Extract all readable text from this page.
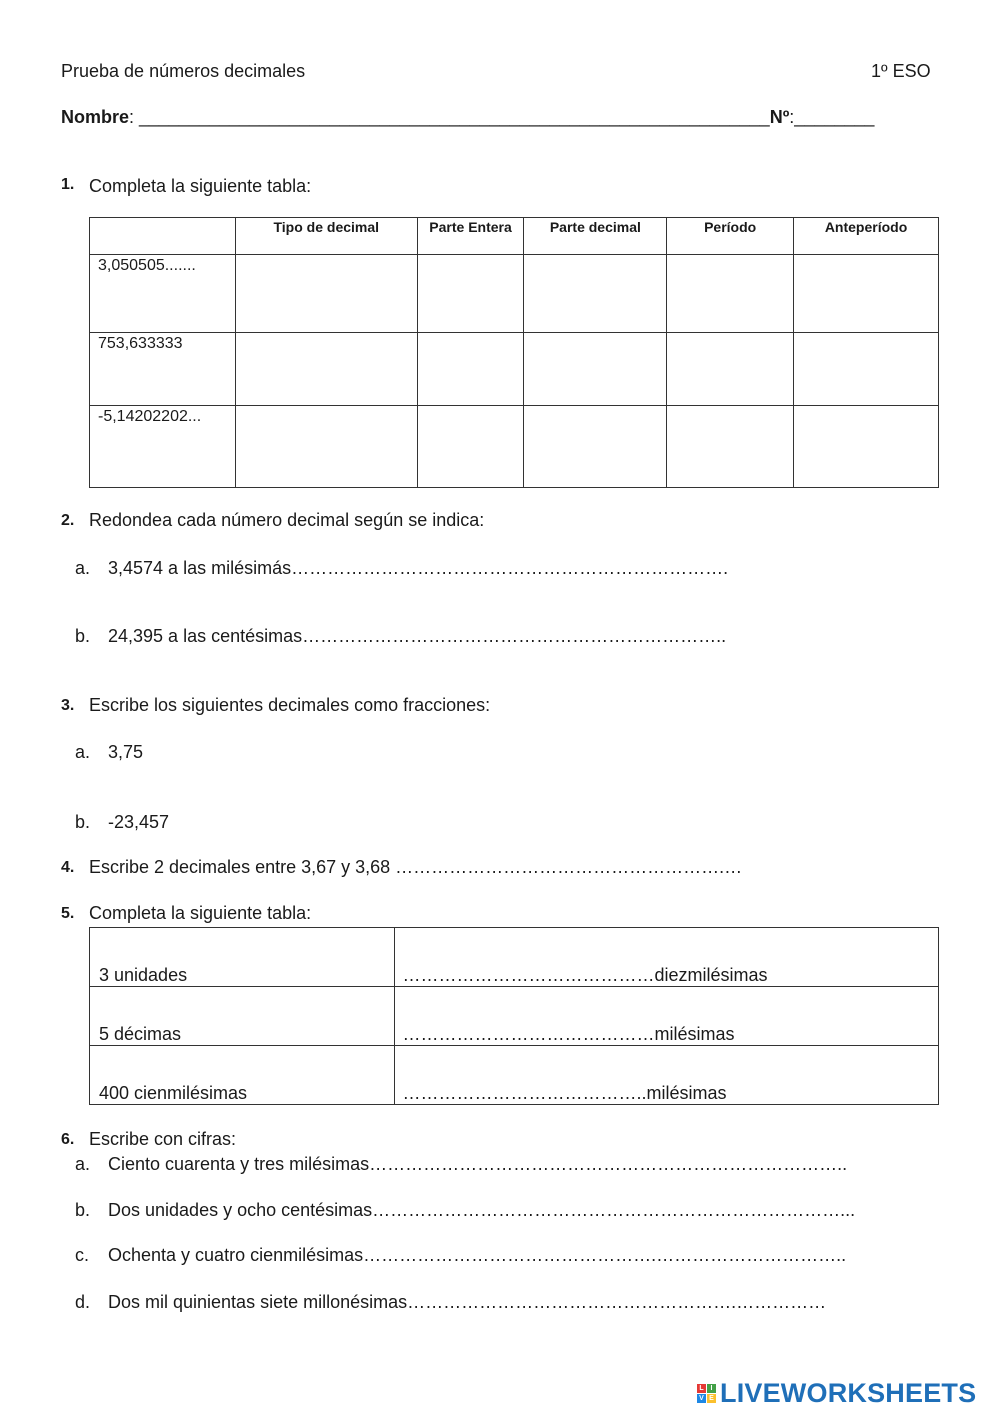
Prueba de números decimales	1º ESO
Nombre: _______________________________________________________________Nº:________
1. Completa la siguiente tabla:
	Tipo de decimal	Parte Entera	Parte decimal	Período	Anteperíodo
3,050505.......					
753,633333					
-5,14202202...					
2. Redondea cada número decimal según se indica:
a. 3,4574 a las milésimás……………………………………………………………….
b. 24,395 a las centésimas……………………………………………………………..
3. Escribe los siguientes decimales como fracciones:
a. 3,75
b. -23,457
4. Escribe 2 decimales entre 3,67 y 3,68 ……………………………………………….…
5. Completa la siguiente tabla:
3 unidades	……………………………………diezmilésimas
5 décimas	……………………………………milésimas
400 cienmilésimas	…………………………………..milésimas
6. Escribe con cifras:
a. Ciento cuarenta y tres milésimas……………………………………………………………………..
b. Dos unidades y ocho centésimas……………………………………………………………………...
c. Ochenta y cuatro cienmilésimas………………………………………….…………………………..
d. Dos mil quinientas siete millonésimas……………………………………………….……………
L I
V E LIVEWORKSHEETS
